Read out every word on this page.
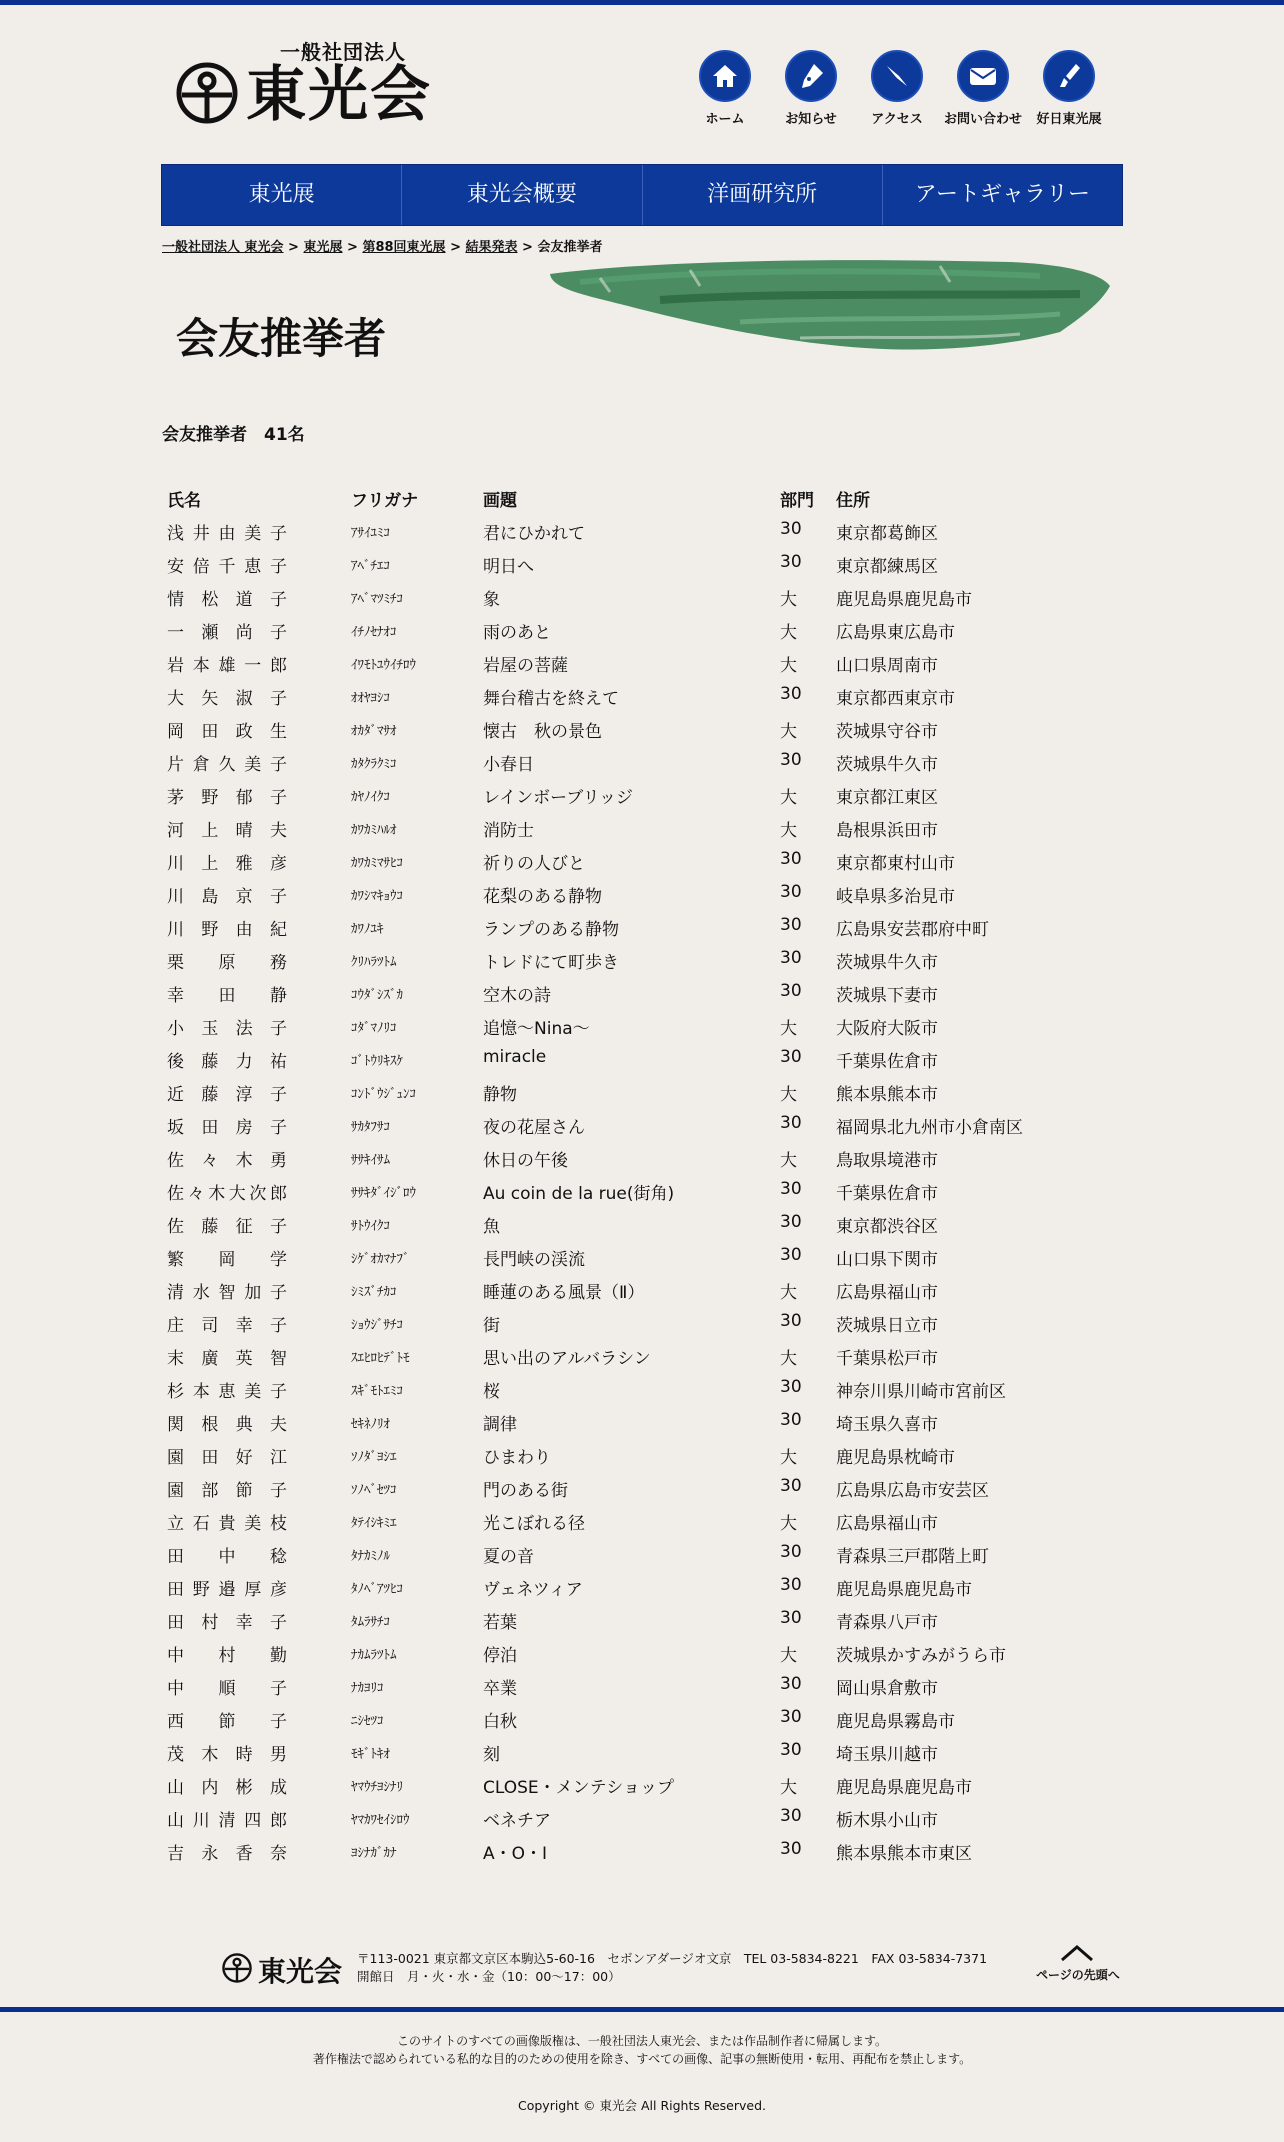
一般社団法人
東光会	ホーム	お知らせ	アクセス	お問い合わせ	好日東光展
東光展	東光会概要	洋画研究所	アートギャラリー
一般社団法人 東光会 > 東光展 > 第88回東光展 > 結果発表 > 会友推挙者
会友推挙者
会友推挙者　41名
氏名	フリガナ	画題	部門 住所
浅井由美子	ｱｻｲﾕﾐｺ	君にひかれて	30 東京都葛飾区
安倍千恵子	ｱﾍﾞﾁｴｺ	明日へ	30 東京都練馬区
情松道子	ｱﾍﾞﾏﾂﾐﾁｺ	象	大 鹿児島県鹿児島市
一瀬尚子	ｲﾁﾉｾﾅｵｺ	雨のあと	大 広島県東広島市
岩本雄一郎	ｲﾜﾓﾄﾕｳｲﾁﾛｳ	岩屋の菩薩	大 山口県周南市
大矢淑子	ｵｵﾔﾖｼｺ	舞台稽古を終えて	30 東京都西東京市
岡田政生	ｵｶﾀﾞﾏｻｵ	懐古　秋の景色	大 茨城県守谷市
片倉久美子	ｶﾀｸﾗｸﾐｺ	小春日	30 茨城県牛久市
茅野郁子	ｶﾔﾉｲｸｺ	レインボーブリッジ	大 東京都江東区
河上晴夫	ｶﾜｶﾐﾊﾙｵ	消防士	大 島根県浜田市
川上雅彦	ｶﾜｶﾐﾏｻﾋｺ	祈りの人びと	30 東京都東村山市
川島京子	ｶﾜｼﾏｷｮｳｺ	花梨のある静物	30 岐阜県多治見市
川野由紀	ｶﾜﾉﾕｷ	ランプのある静物	30 広島県安芸郡府中町
栗原務	ｸﾘﾊﾗﾂﾄﾑ	トレドにて町歩き	30 茨城県牛久市
幸田静	ｺｳﾀﾞｼｽﾞｶ	空木の詩	30 茨城県下妻市
小玉法子	ｺﾀﾞﾏﾉﾘｺ	追憶～Nina～	大 大阪府大阪市
後藤力祐	ｺﾞﾄｳﾘｷｽｹ	miracle	30 千葉県佐倉市
近藤淳子	ｺﾝﾄﾞｳｼﾞｭﾝｺ	静物	大 熊本県熊本市
坂田房子	ｻｶﾀﾌｻｺ	夜の花屋さん	30 福岡県北九州市小倉南区
佐々木勇	ｻｻｷｲｻﾑ	休日の午後	大 鳥取県境港市
佐々木大次郎	ｻｻｷﾀﾞｲｼﾞﾛｳ	Au coin de la rue(街角)	30 千葉県佐倉市
佐藤征子	ｻﾄｳｲｸｺ	魚	30 東京都渋谷区
繁岡学	ｼｹﾞｵｶﾏﾅﾌﾞ	長門峡の渓流	30 山口県下関市
清水智加子	ｼﾐｽﾞﾁｶｺ	睡蓮のある風景（Ⅱ）	大 広島県福山市
庄司幸子	ｼｮｳｼﾞｻﾁｺ	街	30 茨城県日立市
末廣英智	ｽｴﾋﾛﾋﾃﾞﾄﾓ	思い出のアルバラシン	大 千葉県松戸市
杉本恵美子	ｽｷﾞﾓﾄｴﾐｺ	桜	30 神奈川県川崎市宮前区
関根典夫	ｾｷﾈﾉﾘｵ	調律	30 埼玉県久喜市
園田好江	ｿﾉﾀﾞﾖｼｴ	ひまわり	大 鹿児島県枕崎市
園部節子	ｿﾉﾍﾞｾﾂｺ	門のある街	30 広島県広島市安芸区
立石貴美枝	ﾀﾃｲｼｷﾐｴ	光こぼれる径	大 広島県福山市
田中稔	ﾀﾅｶﾐﾉﾙ	夏の音	30 青森県三戸郡階上町
田野邉厚彦	ﾀﾉﾍﾞｱﾂﾋｺ	ヴェネツィア	30 鹿児島県鹿児島市
田村幸子	ﾀﾑﾗｻﾁｺ	若葉	30 青森県八戸市
中村勤	ﾅｶﾑﾗﾂﾄﾑ	停泊	大 茨城県かすみがうら市
中順子	ﾅｶﾖﾘｺ	卒業	30 岡山県倉敷市
西節子	ﾆｼｾﾂｺ	白秋	30 鹿児島県霧島市
茂木時男	ﾓｷﾞﾄｷｵ	刻	30 埼玉県川越市
山内彬成	ﾔﾏｳﾁﾖｼﾅﾘ	CLOSE・メンテショップ	大 鹿児島県鹿児島市
山川清四郎	ﾔﾏｶﾜｾｲｼﾛｳ	ベネチア	30 栃木県小山市
吉永香奈	ﾖｼﾅｶﾞｶﾅ	A・O・I	30 熊本県熊本市東区
東光会 〒113-0021 東京都文京区本駒込5-60-16　セボンアダージオ文京　TEL 03-5834-8221　FAX 03-5834-7371
開館日　月・火・水・金（10：00～17：00）	ページの先頭へ
このサイトのすべての画像版権は、一般社団法人東光会、または作品制作者に帰属します。
著作権法で認められている私的な目的のための使用を除き、すべての画像、記事の無断使用・転用、再配布を禁止します。
Copyright © 東光会 All Rights Reserved.
